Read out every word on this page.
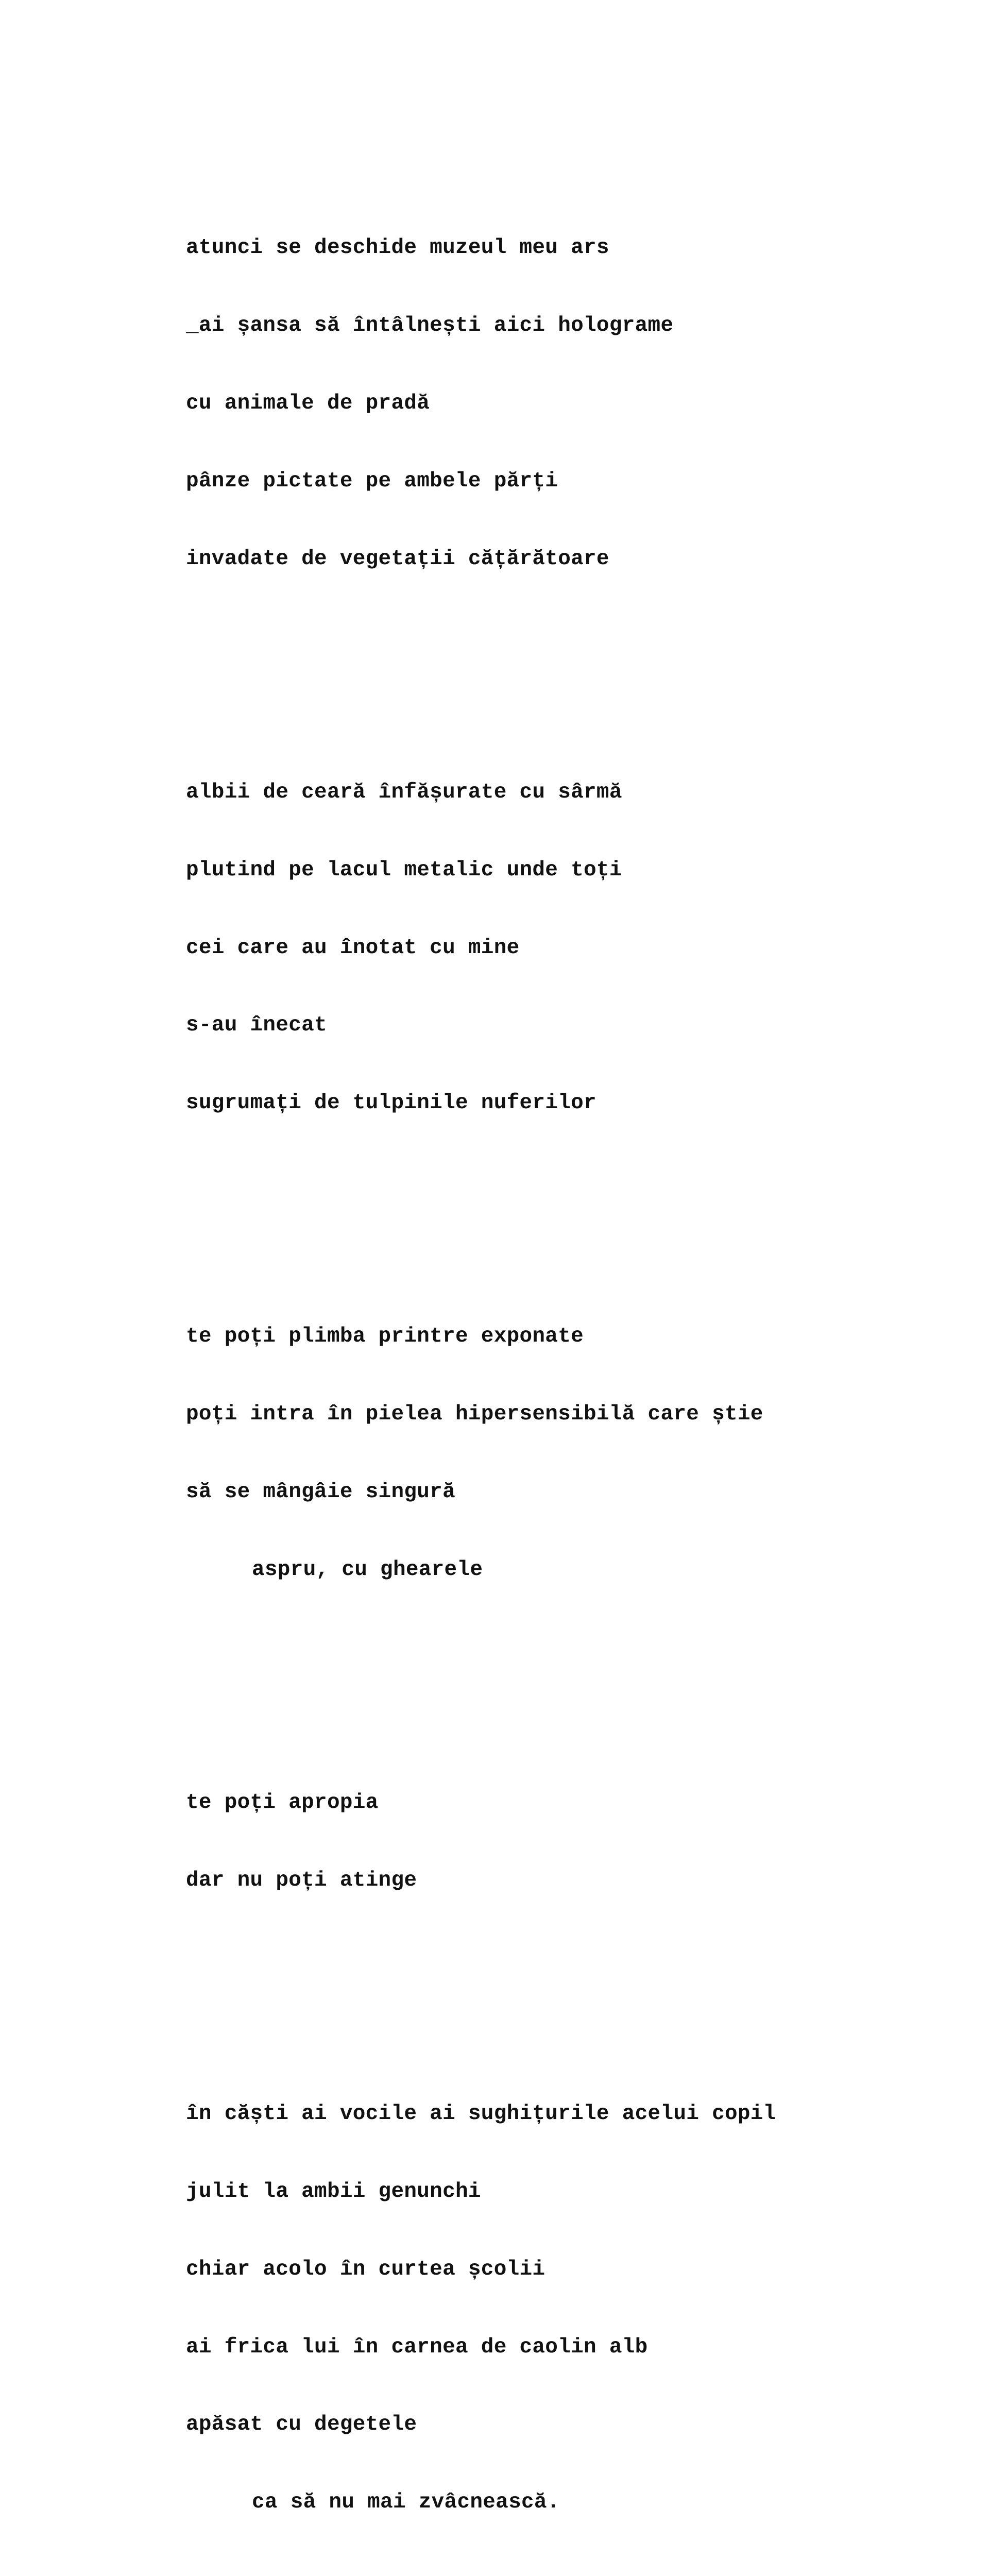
atunci se deschide muzeul meu ars

_ai șansa să întâlnești aici holograme

cu animale de pradă

pânze pictate pe ambele părți

invadate de vegetații cățărătoare

albii de ceară înfășurate cu sârmă

plutind pe lacul metalic unde toți

cei care au înotat cu mine

s-au înecat

sugrumați de tulpinile nuferilor

te poți plimba printre exponate

poți intra în pielea hipersensibilă care știe

să se mângâie singură

aspru, cu ghearele

te poți apropia

dar nu poți atinge

în căști ai vocile ai sughițurile acelui copil

julit la ambii genunchi

chiar acolo în curtea școlii

ai frica lui în carnea de caolin alb

apăsat cu degetele

ca să nu mai zvâcnească.
